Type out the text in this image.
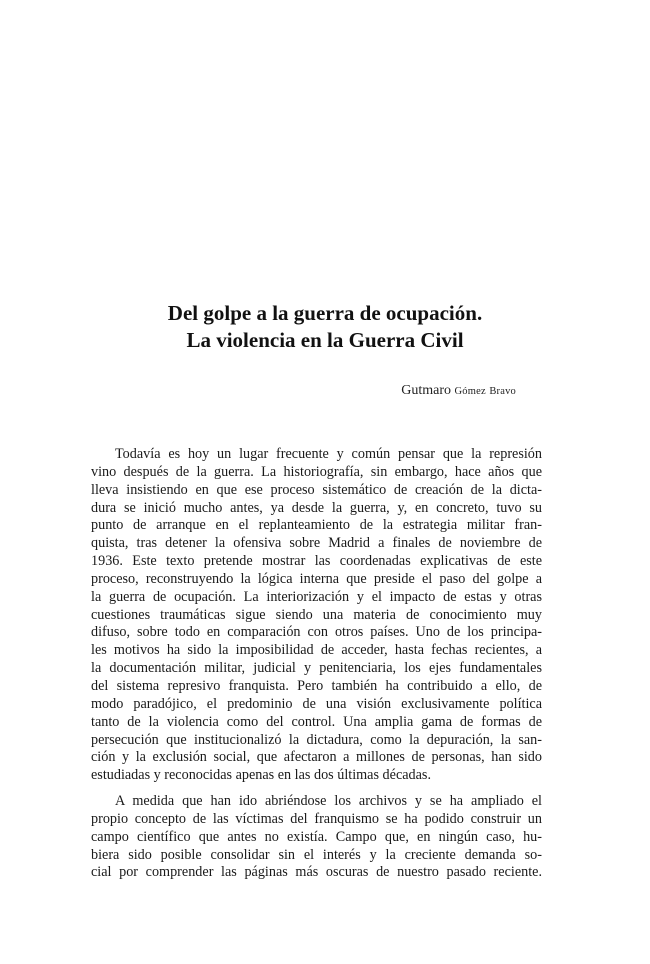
Del golpe a la guerra de ocupación.
La violencia en la Guerra Civil
Gutmaro Gómez Bravo

Todavía es hoy un lugar frecuente y común pensar que la represión
vino después de la guerra. La historiografía, sin embargo, hace años que
lleva insistiendo en que ese proceso sistemático de creación de la dicta-
dura se inició mucho antes, ya desde la guerra, y, en concreto, tuvo su
punto de arranque en el replanteamiento de la estrategia militar fran-
quista, tras detener la ofensiva sobre Madrid a finales de noviembre de
1936. Este texto pretende mostrar las coordenadas explicativas de este
proceso, reconstruyendo la lógica interna que preside el paso del golpe a
la guerra de ocupación. La interiorización y el impacto de estas y otras
cuestiones traumáticas sigue siendo una materia de conocimiento muy
difuso, sobre todo en comparación con otros países. Uno de los principa-
les motivos ha sido la imposibilidad de acceder, hasta fechas recientes, a
la documentación militar, judicial y penitenciaria, los ejes fundamentales
del sistema represivo franquista. Pero también ha contribuido a ello, de
modo paradójico, el predominio de una visión exclusivamente política
tanto de la violencia como del control. Una amplia gama de formas de
persecución que institucionalizó la dictadura, como la depuración, la san-
ción y la exclusión social, que afectaron a millones de personas, han sido
estudiadas y reconocidas apenas en las dos últimas décadas.

A medida que han ido abriéndose los archivos y se ha ampliado el
propio concepto de las víctimas del franquismo se ha podido construir un
campo científico que antes no existía. Campo que, en ningún caso, hu-
biera sido posible consolidar sin el interés y la creciente demanda so-
cial por comprender las páginas más oscuras de nuestro pasado reciente.
